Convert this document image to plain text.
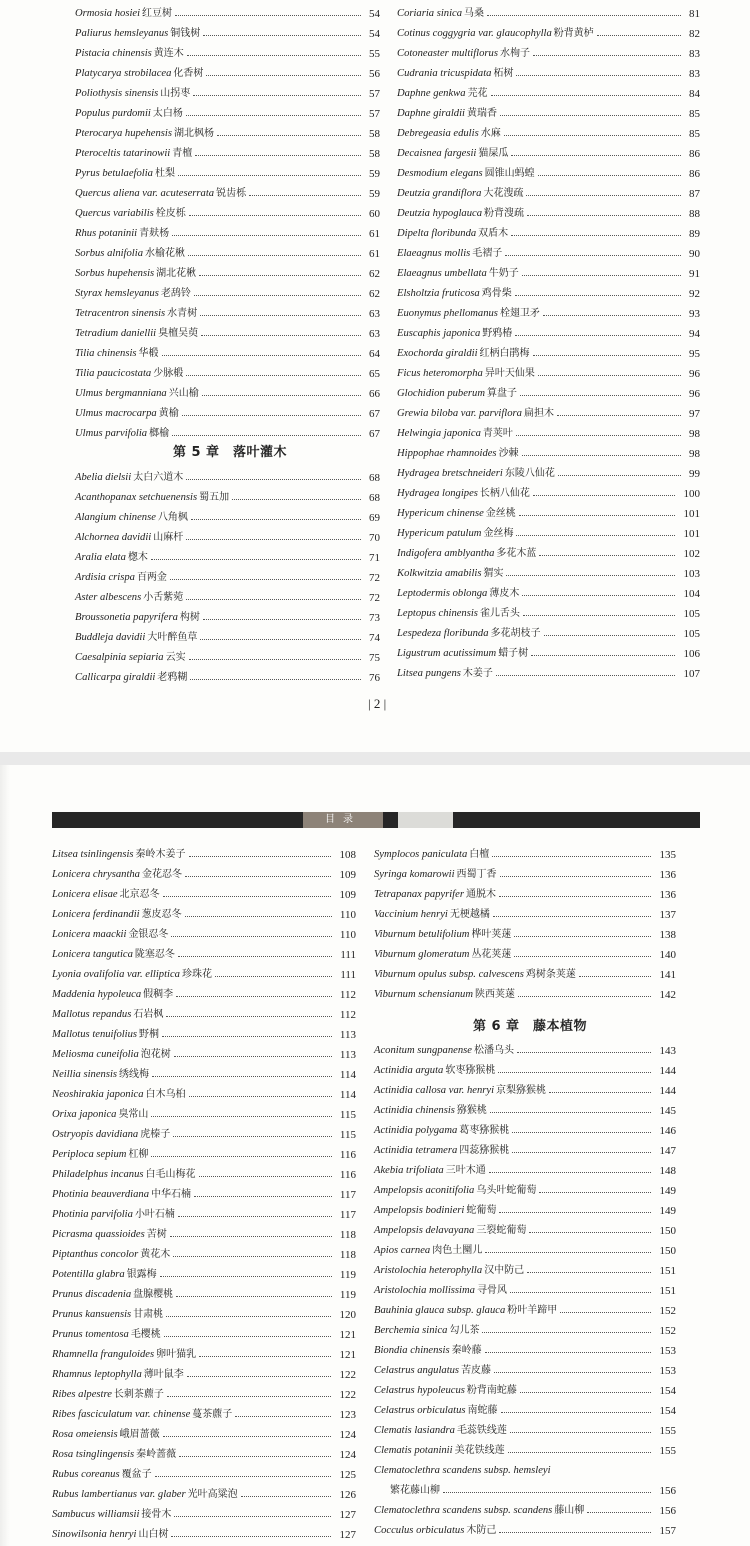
Ormosia hosiei 红豆树	54
Paliurus hemsleyanus 铜钱树	54
Pistacia chinensis 黄连木	55
Platycarya strobilacea 化香树	56
Poliothysis sinensis 山拐枣	57
Populus purdomii 太白杨	57
Pterocarya hupehensis 湖北枫杨	58
Pteroceltis tatarinowii 青檀	58
Pyrus betulaefolia 杜梨	59
Quercus aliena var. acuteserrata 锐齿栎	59
Quercus variabilis 栓皮栎	60
Rhus potaninii 青麸杨	61
Sorbus alnifolia 水榆花楸	61
Sorbus hupehensis 湖北花楸	62
Styrax hemsleyanus 老鸹铃	62
Tetracentron sinensis 水青树	63
Tetradium daniellii 臭檀吴萸	63
Tilia chinensis 华椴	64
Tilia paucicostata 少脉椴	65
Ulmus bergmanniana 兴山榆	66
Ulmus macrocarpa 黄榆	67
Ulmus parvifolia 榔榆	67
第 5 章　落叶灌木
Abelia dielsii 太白六道木	68
Acanthopanax setchuenensis 蜀五加	68
Alangium chinense 八角枫	69
Alchornea davidii 山麻杆	70
Aralia elata 楤木	71
Ardisia crispa 百两金	72
Aster albescens 小舌紫菀	72
Broussonetia papyrifera 构树	73
Buddleja davidii 大叶醉鱼草	74
Caesalpinia sepiaria 云实	75
Callicarpa giraldii 老鸦糊	76
Coriaria sinica 马桑	81
Cotinus coggygria var. glaucophylla 粉背黄栌	82
Cotoneaster multiflorus 水栒子	83
Cudrania tricuspidata 柘树	83
Daphne genkwa 芫花	84
Daphne giraldii 黄瑞香	85
Debregeasia edulis 水麻	85
Decaisnea fargesii 猫屎瓜	86
Desmodium elegans 圆锥山蚂蝗	86
Deutzia grandiflora 大花溲疏	87
Deutzia hypoglauca 粉背溲疏	88
Dipelta floribunda 双盾木	89
Elaeagnus mollis 毛褶子	90
Elaeagnus umbellata 牛奶子	91
Elsholtzia fruticosa 鸡骨柴	92
Euonymus phellomanus 栓翅卫矛	93
Euscaphis japonica 野鸦椿	94
Exochorda giraldii 红柄白鹃梅	95
Ficus heteromorpha 异叶天仙果	96
Glochidion puberum 算盘子	96
Grewia biloba var. parviflora 扁担木	97
Helwingia japonica 青荚叶	98
Hippophae rhamnoides 沙棘	98
Hydragea bretschneideri 东陵八仙花	99
Hydragea longipes 长柄八仙花	100
Hypericum chinense 金丝桃	101
Hypericum patulum 金丝梅	101
Indigofera amblyantha 多花木蓝	102
Kolkwitzia amabilis 猬实	103
Leptodermis oblonga 薄皮木	104
Leptopus chinensis 雀儿舌头	105
Lespedeza floribunda 多花胡枝子	105
Ligustrum acutissimum 蜡子树	106
Litsea pungens 木姜子	107
| 2 |
目录
Litsea tsinlingensis 秦岭木姜子	108
Lonicera chrysantha 金花忍冬	109
Lonicera elisae 北京忍冬	109
Lonicera ferdinandii 葱皮忍冬	110
Lonicera maackii 金银忍冬	110
Lonicera tangutica 陇塞忍冬	111
Lyonia ovalifolia var. elliptica 珍珠花	111
Maddenia hypoleuca 假稠李	112
Mallotus repandus 石岩枫	112
Mallotus tenuifolius 野桐	113
Meliosma cuneifolia 泡花树	113
Neillia sinensis 绣线梅	114
Neoshirakia japonica 白木乌桕	114
Orixa japonica 臭常山	115
Ostryopis davidiana 虎榛子	115
Periploca sepium 杠柳	116
Philadelphus incanus 白毛山梅花	116
Photinia beauverdiana 中华石楠	117
Photinia parvifolia 小叶石楠	117
Picrasma quassioides 苦树	118
Piptanthus concolor 黄花木	118
Potentilla glabra 银露梅	119
Prunus discadenia 盘腺樱桃	119
Prunus kansuensis 甘肃桃	120
Prunus tomentosa 毛樱桃	121
Rhamnella franguloides 卵叶猫乳	121
Rhamnus leptophylla 薄叶鼠李	122
Ribes alpestre 长刺茶藨子	122
Ribes fasciculatum var. chinense 蔓茶藨子	123
Rosa omeiensis 峨眉蔷薇	124
Rosa tsinglingensis 秦岭蔷薇	124
Rubus coreanus 覆盆子	125
Rubus lambertianus var. glaber 光叶高粱泡	126
Sambucus williamsii 接骨木	127
Sinowilsonia henryi 山白树	127
Symplocos paniculata 白檀	135
Syringa komarowii 西蜀丁香	136
Tetrapanax papyrifer 通脱木	136
Vaccinium henryi 无梗越橘	137
Viburnum betulifolium 桦叶荚蒾	138
Viburnum glomeratum 丛花荚蒾	140
Viburnum opulus subsp. calvescens 鸡树条荚蒾	141
Viburnum schensianum 陕西荚蒾	142
第 6 章　藤本植物
Aconitum sungpanense 松潘乌头	143
Actinidia arguta 软枣猕猴桃	144
Actinidia callosa var. henryi 京梨猕猴桃	144
Actinidia chinensis 猕猴桃	145
Actinidia polygama 葛枣猕猴桃	146
Actinidia tetramera 四蕊猕猴桃	147
Akebia trifoliata 三叶木通	148
Ampelopsis aconitifolia 乌头叶蛇葡萄	149
Ampelopsis bodinieri 蛇葡萄	149
Ampelopsis delavayana 三裂蛇葡萄	150
Apios carnea 肉色土圞儿	150
Aristolochia heterophylla 汉中防己	151
Aristolochia mollissima 寻骨风	151
Bauhinia glauca subsp. glauca 粉叶羊蹄甲	152
Berchemia sinica 勾儿茶	152
Biondia chinensis 秦岭藤	153
Celastrus angulatus 苦皮藤	153
Celastrus hypoleucus 粉背南蛇藤	154
Celastrus orbiculatus 南蛇藤	154
Clematis lasiandra 毛蕊铁线莲	155
Clematis potaninii 美花铁线莲	155
Clematoclethra scandens subsp. hemsleyi
繁花藤山柳	156
Clematoclethra scandens subsp. scandens 藤山柳	156
Cocculus orbiculatus 木防己	157
